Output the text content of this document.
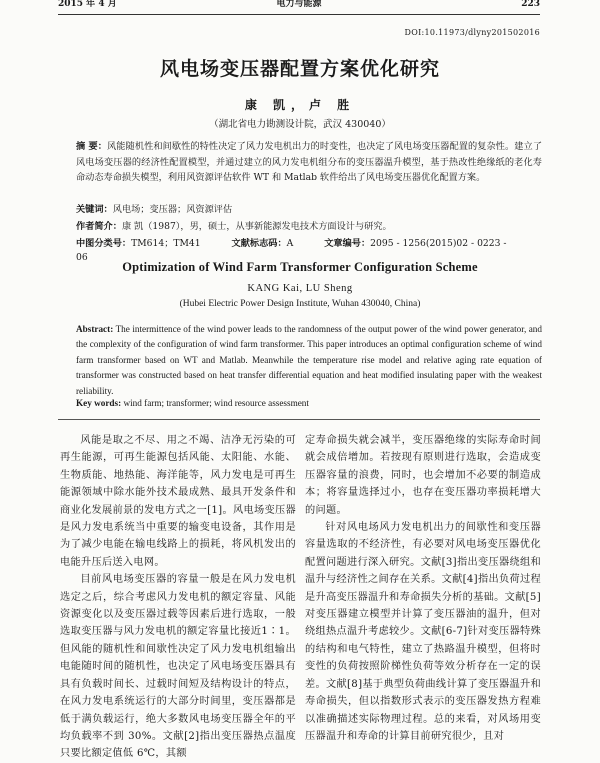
2015 年 4 月	电力与能源	223
DOI:10.11973/dlyny201502016
风电场变压器配置方案优化研究
康 凯，卢 胜
（湖北省电力勘测设计院，武汉 430040）
摘 要：风能随机性和间歇性的特性决定了风力发电机出力的时变性，也决定了风电场变压器配置的复杂性。建立了风电场变压器的经济性配置模型，并通过建立的风力发电机组分布的变压器温升模型，基于热改性绝缘纸的老化寿命动态寿命损失模型，利用风资源评估软件 WT 和 Matlab 软件给出了风电场变压器优化配置方案。
关键词：风电场；变压器；风资源评估
作者简介：康 凯（1987），男，硕士，从事新能源发电技术方面设计与研究。
中图分类号：TM614；TM41	文献标志码：A	文章编号：2095 - 1256(2015)02 - 0223 - 06
Optimization of Wind Farm Transformer Configuration Scheme
KANG Kai, LU Sheng
(Hubei Electric Power Design Institute, Wuhan 430040, China)
Abstract: The intermittence of the wind power leads to the randomness of the output power of the wind power generator, and the complexity of the configuration of wind farm transformer. This paper introduces an optimal configuration scheme of wind farm transformer based on WT and Matlab. Meanwhile the temperature rise model and relative aging rate equation of transformer was constructed based on heat transfer differential equation and heat modified insulating paper with the weakest reliability.
Key words: wind farm; transformer; wind resource assessment

风能是取之不尽、用之不竭、洁净无污染的可再生能源，可再生能源包括风能、太阳能、水能、生物质能、地热能、海洋能等，风力发电是可再生能源领域中除水能外技术最成熟、最具开发条件和商业化发展前景的发电方式之一[1]。风电场变压器是风力发电系统当中重要的输变电设备，其作用是为了减少电能在输电线路上的损耗，将风机发出的电能升压后送入电网。

目前风电场变压器的容量一般是在风力发电机选定之后，综合考虑风力发电机的额定容量、风能资源变化以及变压器过载等因素后进行选取，一般选取变压器与风力发电机的额定容量比接近1∶1。但风能的随机性和间歇性决定了风力发电机组输出电能随时间的随机性，也决定了风电场变压器具有具有负载时间长、过载时间短及结构设计的特点，在风力发电系统运行的大部分时间里，变压器都是低于满负载运行，绝大多数风电场变压器全年的平均负载率不到 30%。文献[2]指出变压器热点温度只要比额定值低 6℃，其额

定寿命损失就会减半，变压器绝缘的实际寿命时间就会成倍增加。若按现有原则进行选取，会造成变压器容量的浪费，同时，也会增加不必要的制造成本；将容量选择过小，也存在变压器功率损耗增大的问题。

针对风电场风力发电机出力的间歇性和变压器容量选取的不经济性，有必要对风电场变压器优化配置问题进行深入研究。文献[3]指出变压器绕组和温升与经济性之间存在关系。文献[4]指出负荷过程是升高变压器温升和寿命损失分析的基础。文献[5]对变压器建立模型并计算了变压器油的温升，但对绕组热点温升考虑较少。文献[6-7]针对变压器特殊的结构和电气特性，建立了热路温升模型，但将时变性的负荷按照阶梯性负荷等效分析存在一定的误差。文献[8]基于典型负荷曲线计算了变压器温升和寿命损失，但以指数形式表示的变压器发热方程难以准确描述实际物理过程。总的来看，对风场用变压器温升和寿命的计算目前研究很少，且对
